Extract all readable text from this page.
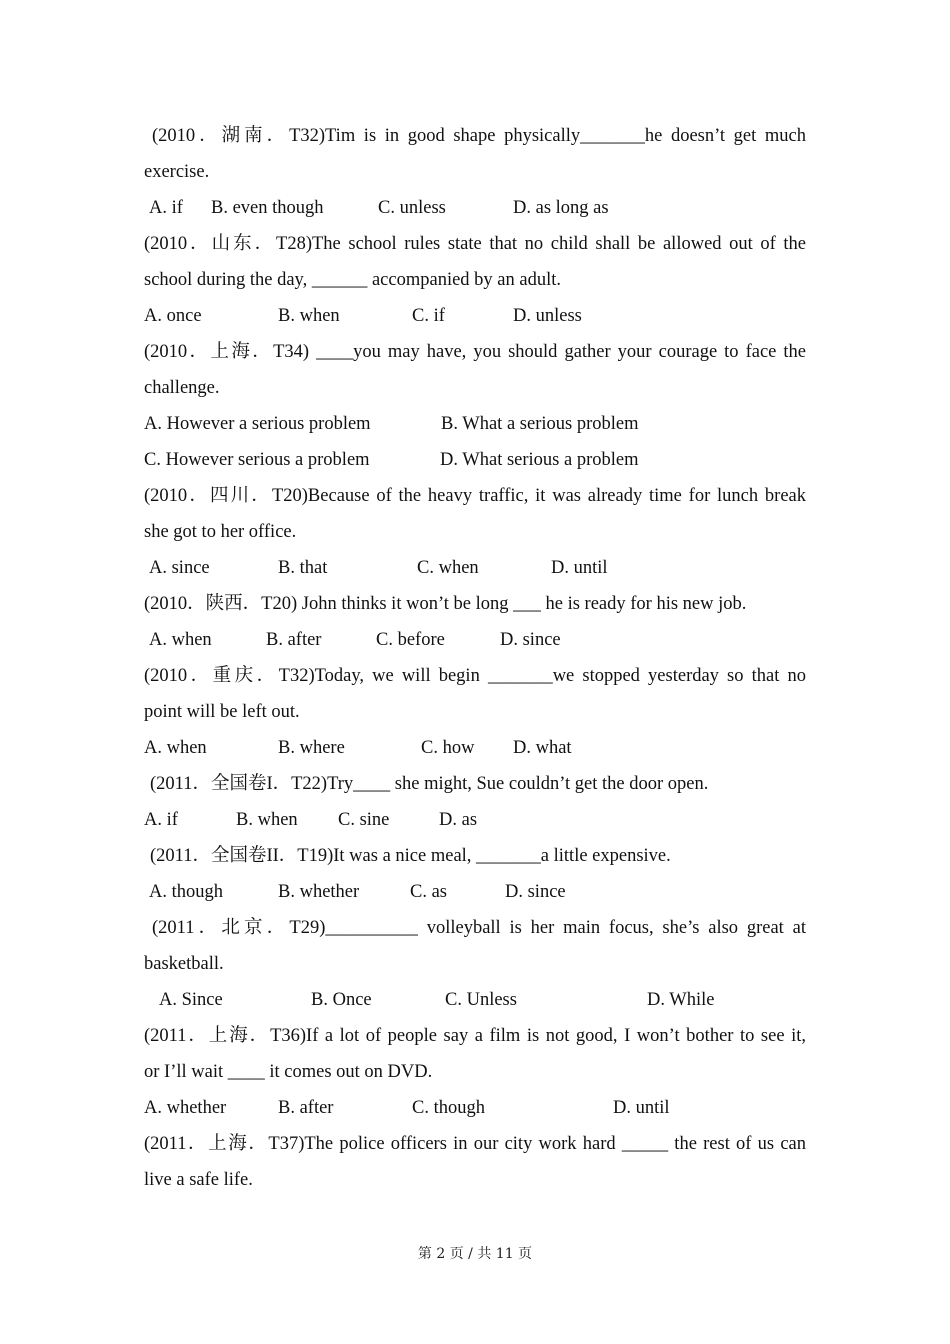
(2010．湖南．T32)Tim is in good shape physically_______he doesn’t get much

exercise.

A. if B. even though	C. unless	D. as long as

(2010．山东．T28)The school rules state that no child shall be allowed out of the

school during the day, ______ accompanied by an adult.

A. once	B. when	C. if	D. unless

(2010．上海．T34) ____you may have, you should gather your courage to face the

challenge.

A. However a serious problem	B. What a serious problem
C. However serious a problem	D. What serious a problem

(2010．四川．T20)Because of the heavy traffic, it was already time for lunch break

she got to her office.

A. since	B. that	C. when	D. until

(2010．陕西．T20) John thinks it won’t be long ___ he is ready for his new job.

A. when	B. after	C. before	D. since

(2010．重庆．T32)Today, we will begin _______we stopped yesterday so that no

point will be left out.

A. when	B. where	C. how D. what

(2011．全国卷I．T22)Try____ she might, Sue couldn’t get the door open.

A. if	B. when C. sine	D. as

(2011．全国卷II．T19)It was a nice meal, _______a little expensive.

A. though	B. whether	C. as	D. since

(2011．北京．T29)__________ volleyball is her main focus, she’s also great at

basketball.

A. Since	B. Once	C. Unless	D. While

(2011．上海．T36)If a lot of people say a film is not good, I won’t bother to see it,

or I’ll wait ____ it comes out on DVD.

A. whether	B. after	C. though	D. until

(2011．上海．T37)The police officers in our city work hard _____ the rest of us can

live a safe life.

第 2 页 / 共 11 页
